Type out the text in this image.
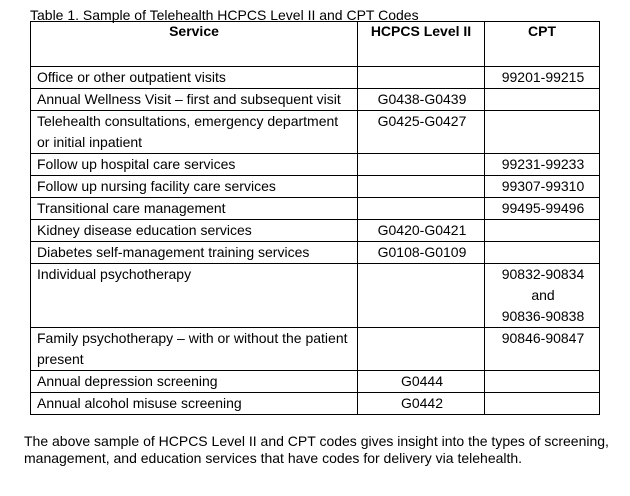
Table 1. Sample of Telehealth HCPCS Level II and CPT Codes
Service	HCPCS Level II	CPT
Office or other outpatient visits		99201-99215
Annual Wellness Visit – first and subsequent visit	G0438-G0439	
Telehealth consultations, emergency department or initial inpatient	G0425-G0427	
Follow up hospital care services		99231-99233
Follow up nursing facility care services		99307-99310
Transitional care management		99495-99496
Kidney disease education services	G0420-G0421	
Diabetes self-management training services	G0108-G0109	
Individual psychotherapy		90832-90834
and
90836-90838

Family psychotherapy – with or without the patient present		90846-90847
Annual depression screening	G0444	
Annual alcohol misuse screening	G0442	
The above sample of HCPCS Level II and CPT codes gives insight into the types of screening, management, and education services that have codes for delivery via telehealth.
